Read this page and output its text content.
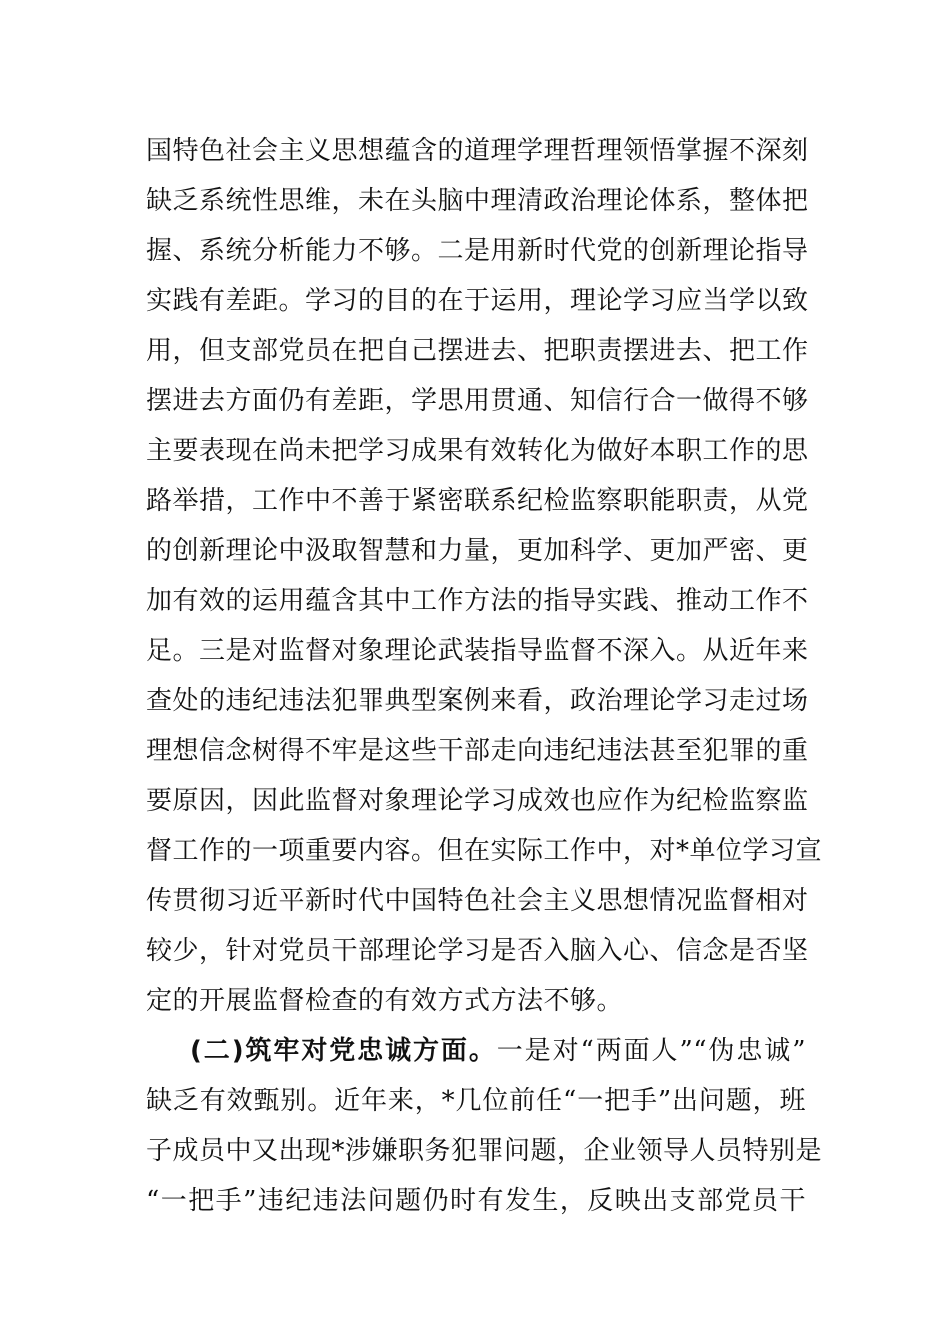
国特色社会主义思想蕴含的道理学理哲理领悟掌握不深刻
缺乏系统性思维，未在头脑中理清政治理论体系，整体把
握、系统分析能力不够。二是用新时代党的创新理论指导
实践有差距。学习的目的在于运用，理论学习应当学以致
用，但支部党员在把自己摆进去、把职责摆进去、把工作
摆进去方面仍有差距，学思用贯通、知信行合一做得不够
主要表现在尚未把学习成果有效转化为做好本职工作的思
路举措，工作中不善于紧密联系纪检监察职能职责，从党
的创新理论中汲取智慧和力量，更加科学、更加严密、更
加有效的运用蕴含其中工作方法的指导实践、推动工作不
足。三是对监督对象理论武装指导监督不深入。从近年来
查处的违纪违法犯罪典型案例来看，政治理论学习走过场
理想信念树得不牢是这些干部走向违纪违法甚至犯罪的重
要原因，因此监督对象理论学习成效也应作为纪检监察监
督工作的一项重要内容。但在实际工作中，对*单位学习宣
传贯彻习近平新时代中国特色社会主义思想情况监督相对
较少，针对党员干部理论学习是否入脑入心、信念是否坚
定的开展监督检查的有效方式方法不够。
(二)筑牢对党忠诚方面。一是对“两面人”“伪忠诚”
缺乏有效甄别。近年来，*几位前任“一把手”出问题，班
子成员中又出现*涉嫌职务犯罪问题，企业领导人员特别是
“一把手”违纪违法问题仍时有发生，反映出支部党员干
